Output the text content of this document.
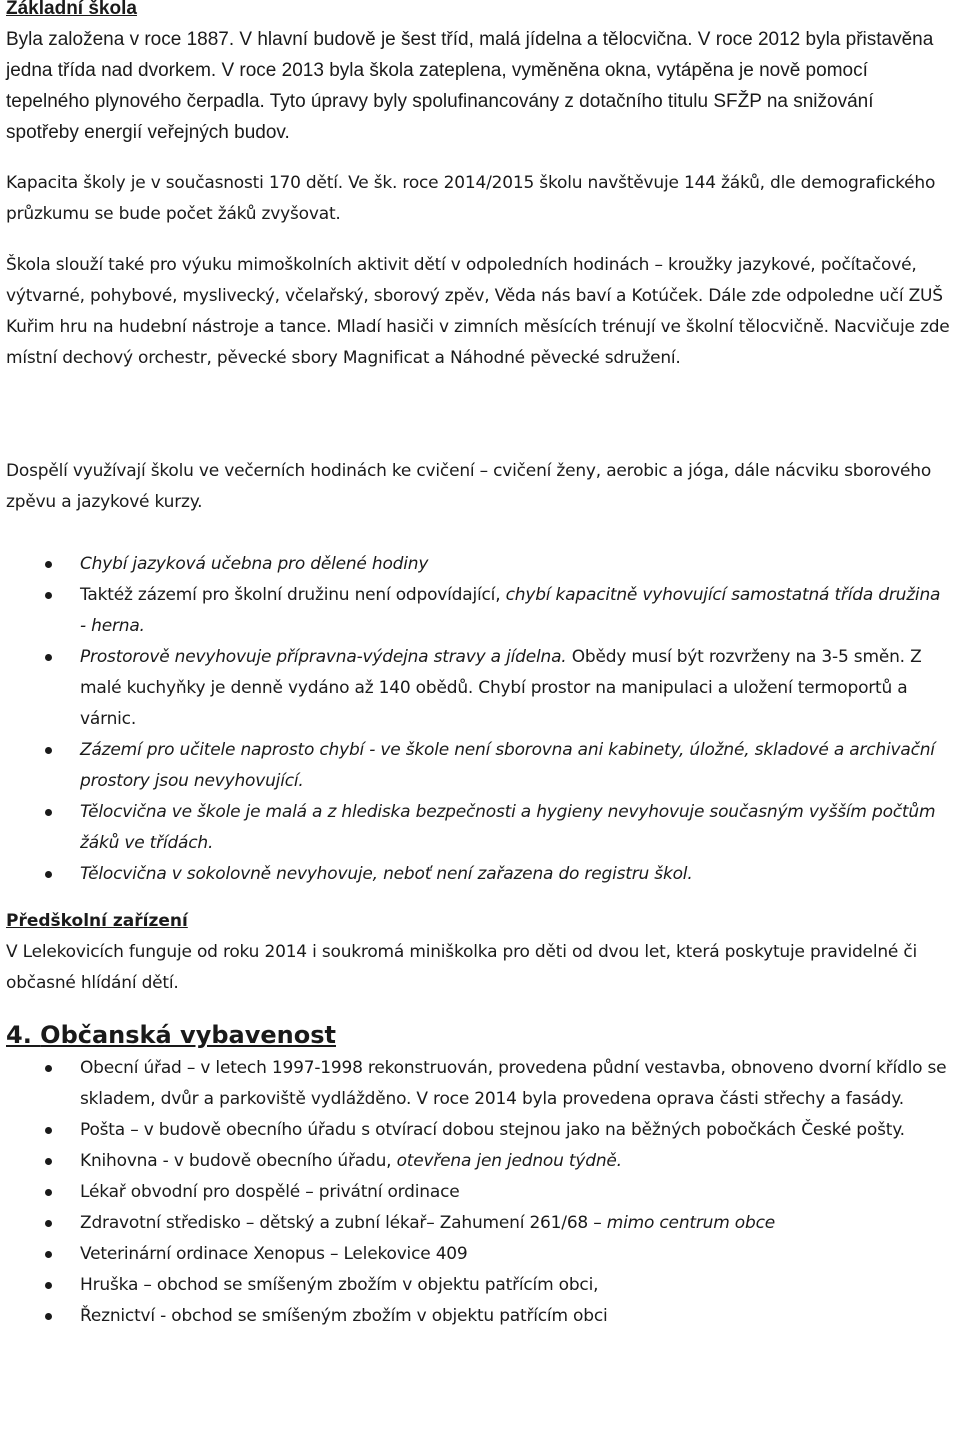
Základní škola

Byla založena v roce 1887. V hlavní budově je šest tříd, malá jídelna a tělocvična. V roce 2012 byla přistavěna jedna třída nad dvorkem. V roce 2013 byla škola zateplena, vyměněna okna, vytápěna je nově pomocí tepelného plynového čerpadla. Tyto úpravy byly spolufinancovány z dotačního titulu SFŽP na snižování spotřeby energií veřejných budov.

Kapacita školy je v současnosti 170 dětí. Ve šk. roce 2014/2015 školu navštěvuje 144 žáků, dle demografického průzkumu se bude počet žáků zvyšovat.

Škola slouží také pro výuku mimoškolních aktivit dětí v odpoledních hodinách – kroužky jazykové, počítačové, výtvarné, pohybové, myslivecký, včelařský, sborový zpěv, Věda nás baví a Kotúček. Dále zde odpoledne učí ZUŠ Kuřim hru na hudební nástroje a tance. Mladí hasiči v zimních měsících trénují ve školní tělocvičně. Nacvičuje zde místní dechový orchestr, pěvecké sbory Magnificat a Náhodné pěvecké sdružení.

Dospělí využívají školu ve večerních hodinách ke cvičení – cvičení ženy, aerobic a jóga, dále nácviku sborového zpěvu a jazykové kurzy.

Chybí jazyková učebna pro dělené hodiny
Taktéž zázemí pro školní družinu není odpovídající, chybí kapacitně vyhovující samostatná třída družina - herna.
Prostorově nevyhovuje přípravna-výdejna stravy a jídelna. Obědy musí být rozvrženy na 3-5 směn. Z malé kuchyňky je denně vydáno až 140 obědů. Chybí prostor na manipulaci a uložení termoportů a várnic.
Zázemí pro učitele naprosto chybí - ve škole není sborovna ani kabinety, úložné, skladové a archivační prostory jsou nevyhovující.
Tělocvična ve škole je malá a z hlediska bezpečnosti a hygieny nevyhovuje současným vyšším počtům žáků ve třídách.
Tělocvična v sokolovně nevyhovuje, neboť není zařazena do registru škol.

Předškolní zařízení

V Lelekovicích funguje od roku 2014 i soukromá miniškolka pro děti od dvou let, která poskytuje pravidelné či občasné hlídání dětí.

4. Občanská vybavenost

Obecní úřad – v letech 1997-1998 rekonstruován, provedena půdní vestavba, obnoveno dvorní křídlo se skladem, dvůr a parkoviště vydlážděno. V roce 2014 byla provedena oprava části střechy a fasády.
Pošta – v budově obecního úřadu s otvírací dobou stejnou jako na běžných pobočkách České pošty.
Knihovna - v budově obecního úřadu, otevřena jen jednou týdně.
Lékař obvodní pro dospělé – privátní ordinace
Zdravotní středisko – dětský a zubní lékař– Zahumení 261/68 – mimo centrum obce
Veterinární ordinace Xenopus – Lelekovice 409
Hruška – obchod se smíšeným zbožím v objektu patřícím obci,
Řeznictví - obchod se smíšeným zbožím v objektu patřícím obci
